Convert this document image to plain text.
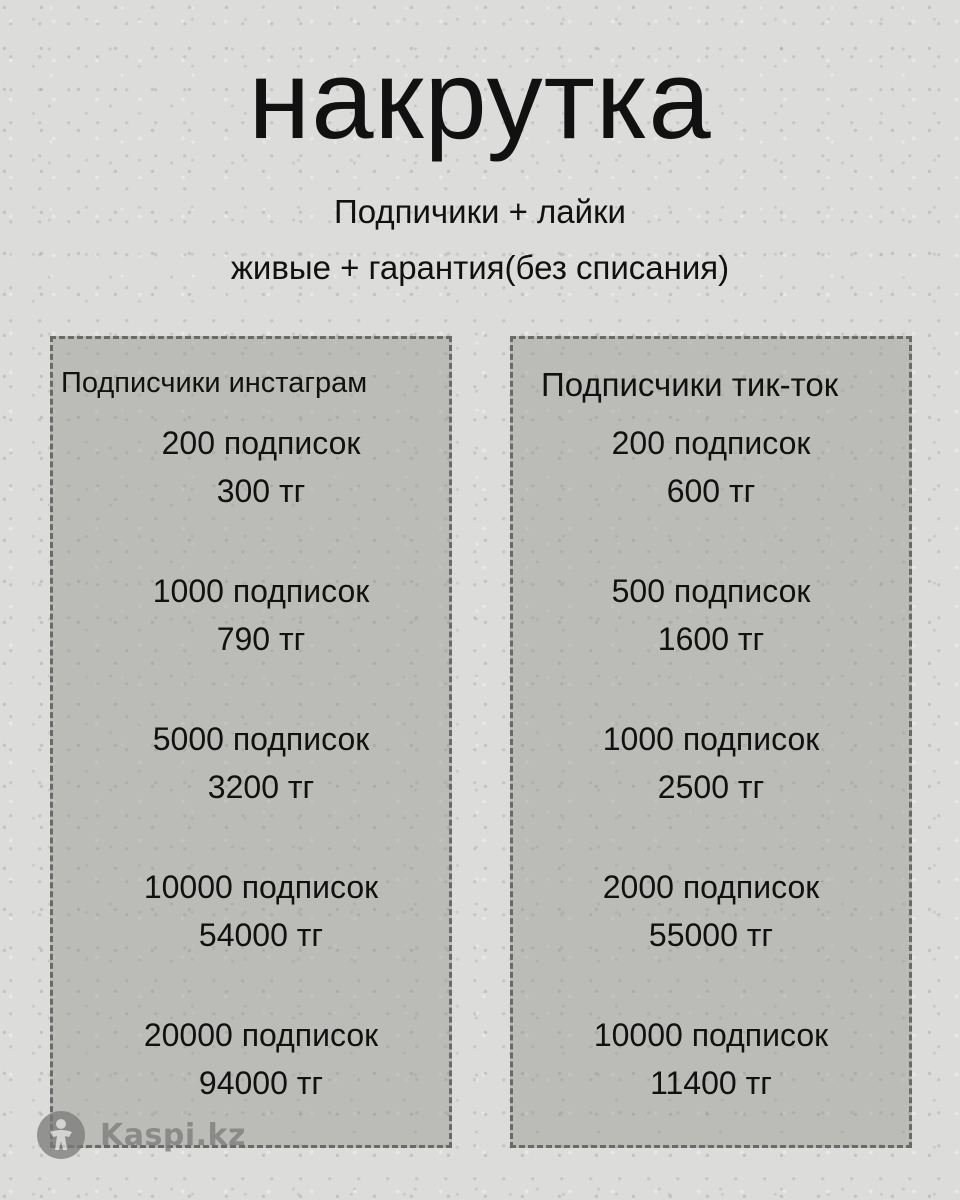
накрутка
Подпичики + лайки
живые + гарантия(без списания)
Подписчики инстаграм
200 подписок
300 тг
1000 подписок
790 тг
5000 подписок
3200 тг
10000 подписок
54000 тг
20000 подписок
94000 тг
Подписчики тик-ток
200 подписок
600 тг
500 подписок
1600 тг
1000 подписок
2500 тг
2000 подписок
55000 тг
10000 подписок
11400 тг
Kaspi.kz
